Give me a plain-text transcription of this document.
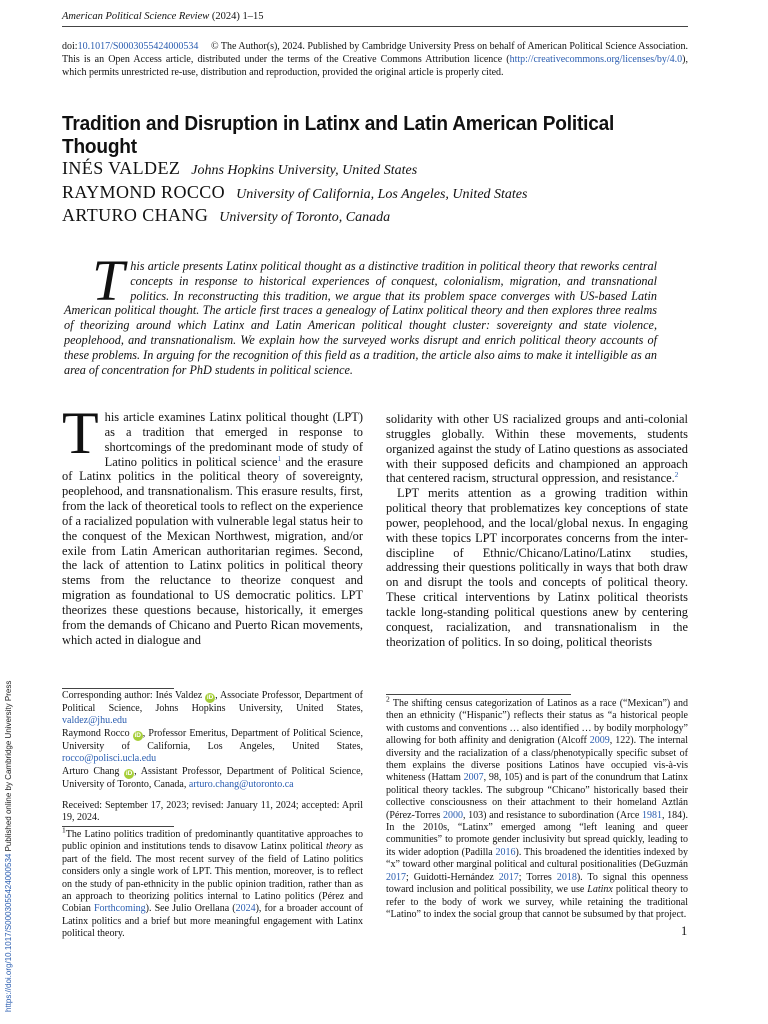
American Political Science Review (2024) 1–15
doi:10.1017/S0003055424000534 © The Author(s), 2024. Published by Cambridge University Press on behalf of American Political Science Association. This is an Open Access article, distributed under the terms of the Creative Commons Attribution licence (http://creativecommons.org/licenses/by/4.0), which permits unrestricted re-use, distribution and reproduction, provided the original article is properly cited.
Tradition and Disruption in Latinx and Latin American Political Thought
INÉS VALDEZ Johns Hopkins University, United States
RAYMOND ROCCO University of California, Los Angeles, United States
ARTURO CHANG University of Toronto, Canada
This article presents Latinx political thought as a distinctive tradition in political theory that reworks central concepts in response to historical experiences of conquest, colonialism, migration, and transnational politics. In reconstructing this tradition, we argue that its problem space converges with US-based Latin American political thought. The article first traces a genealogy of Latinx political theory and then explores three realms of theorizing around which Latinx and Latin American political thought cluster: sovereignty and state violence, peoplehood, and transnationalism. We explain how the surveyed works disrupt and enrich political theory accounts of these problems. In arguing for the recognition of this field as a tradition, the article also aims to make it intelligible as an area of concentration for PhD students in political science.

This article examines Latinx political thought (LPT) as a tradition that emerged in response to shortcomings of the predominant mode of study of Latino politics in political science$^1$ and the erasure of Latinx politics in the political theory of sovereignty, peoplehood, and transnationalism. This erasure results, first, from the lack of theoretical tools to reflect on the experience of a racialized population with vulnerable legal status heir to the conquest of the Mexican Northwest, migration, and/or exile from Latin American authoritarian regimes. Second, the lack of attention to Latinx politics in political theory stems from the reluctance to theorize conquest and migration as foundational to US democratic politics. LPT theorizes these questions because, historically, it emerges from the demands of Chicano and Puerto Rican movements, which acted in dialogue and

solidarity with other US racialized groups and anti-colonial struggles globally. Within these movements, students organized against the study of Latino questions as associated with their supposed deficits and championed an approach that centered racism, structural oppression, and resistance.$^2$

LPT merits attention as a growing tradition within political theory that problematizes key conceptions of state power, peoplehood, and the local/global nexus. In engaging with these topics LPT incorporates concerns from the inter-discipline of Ethnic/Chicano/Latino/Latinx studies, addressing their questions politically in ways that both draw on and disrupt the tools and concepts of political theory. These critical interventions by Latinx political theorists tackle long-standing political questions anew by centering conquest, racialization, and transnationalism in the theorization of politics. In so doing, political theorists

Corresponding author: Inés Valdez iD , Associate Professor, Department of Political Science, Johns Hopkins University, United States, valdez@jhu.edu

Raymond Rocco iD , Professor Emeritus, Department of Political Science, University of California, Los Angeles, United States, rocco@polisci.ucla.edu

Arturo Chang iD , Assistant Professor, Department of Political Science, University of Toronto, Canada, arturo.chang@utoronto.ca

Received: September 17, 2023; revised: January 11, 2024; accepted: April 19, 2024.

$^1$The Latino politics tradition of predominantly quantitative approaches to public opinion and institutions tends to disavow Latinx political theory as part of the field. The most recent survey of the field of Latino politics considers only a single work of LPT. This mention, moreover, is to reflect on the study of pan-ethnicity in the public opinion tradition, rather than as an approach to theorizing politics internal to Latino politics (Pérez and Cobian Forthcoming). See Julio Orellana (2024), for a broader account of Latinx politics and a brief but more meaningful engagement with Latinx political theory.
$^2$ The shifting census categorization of Latinos as a race (“Mexican”) and then an ethnicity (“Hispanic”) reflects their status as “a historical people with customs and conventions … also identified … by bodily morphology” allowing for both affinity and denigration (Alcoff 2009, 122). The internal diversity and the racialization of a class/phenotypically specific subset of them explains the diverse positions Latinos have occupied vis-à-vis whiteness (Hattam 2007, 98, 105) and is part of the conundrum that Latinx political theory tackles. The subgroup “Chicano” historically based their collective consciousness on their attachment to their homeland Aztlán (Pérez-Torres 2000, 103) and resistance to subordination (Arce 1981, 184). In the 2010s, “Latinx” emerged among “left leaning and queer communities” to promote gender inclusivity but spread quickly, leading to its wider adoption (Padilla 2016). This broadened the identities indexed by “x” toward other marginal political and cultural positionalities (DeGuzmán 2017; Guidotti-Hernández 2017; Torres 2018). To signal this openness toward inclusion and political possibility, we use Latinx political theory to refer to the body of work we survey, while retaining the traditional “Latino” to index the social group that cannot be subsumed by that project.
1
https://doi.org/10.1017/S0003055424000534 Published online by Cambridge University Press
